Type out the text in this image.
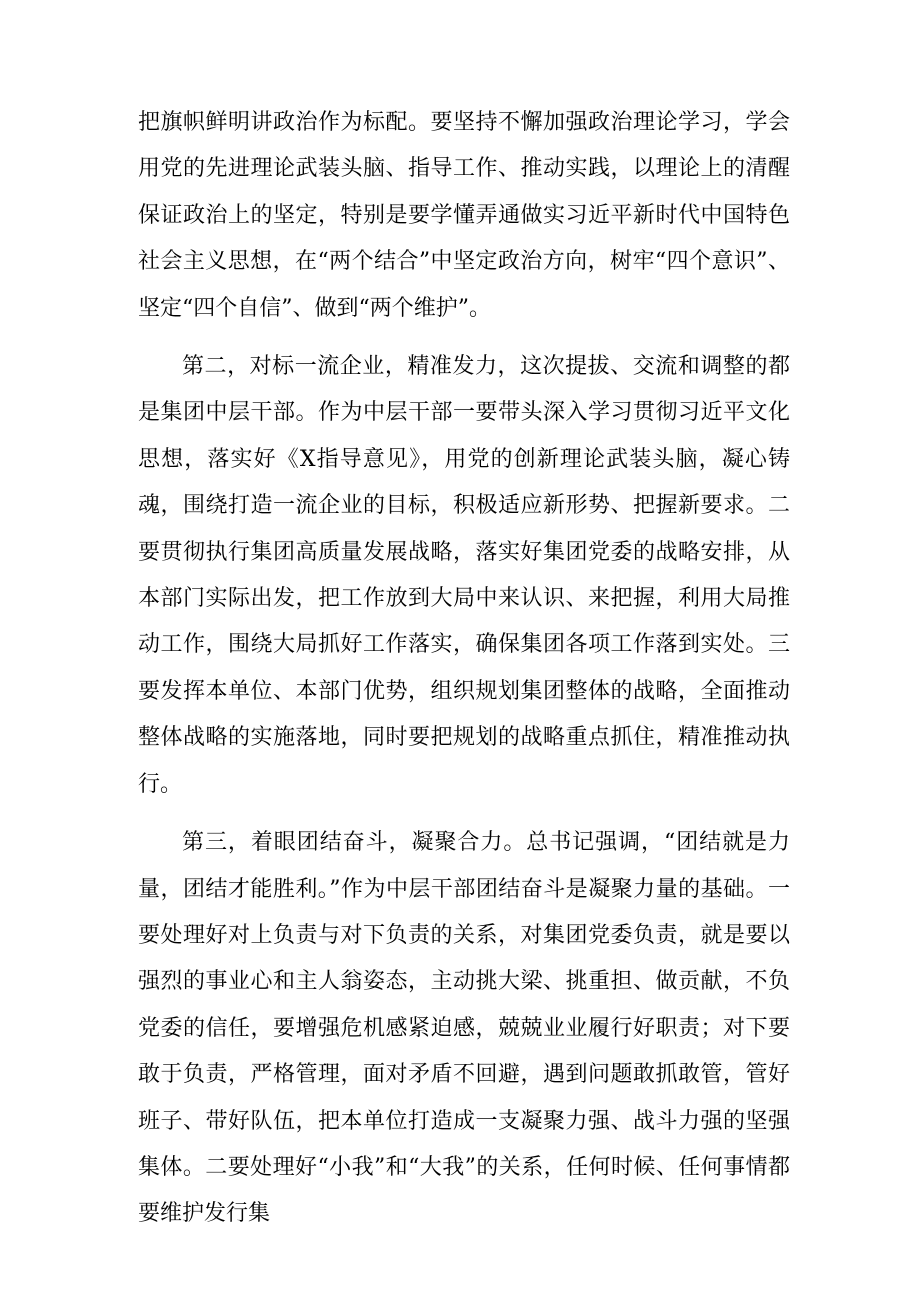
把旗帜鲜明讲政治作为标配。要坚持不懈加强政治理论学习，学会用党的先进理论武装头脑、指导工作、推动实践，以理论上的清醒保证政治上的坚定，特别是要学懂弄通做实习近平新时代中国特色社会主义思想，在“两个结合”中坚定政治方向，树牢“四个意识”、坚定“四个自信”、做到“两个维护”。

第二，对标一流企业，精准发力，这次提拔、交流和调整的都是集团中层干部。作为中层干部一要带头深入学习贯彻习近平文化思想，落实好《X指导意见》，用党的创新理论武装头脑，凝心铸魂，围绕打造一流企业的目标，积极适应新形势、把握新要求。二要贯彻执行集团高质量发展战略，落实好集团党委的战略安排，从本部门实际出发，把工作放到大局中来认识、来把握，利用大局推动工作，围绕大局抓好工作落实，确保集团各项工作落到实处。三要发挥本单位、本部门优势，组织规划集团整体的战略，全面推动整体战略的实施落地，同时要把规划的战略重点抓住，精准推动执行。

第三，着眼团结奋斗，凝聚合力。总书记强调，“团结就是力量，团结才能胜利。”作为中层干部团结奋斗是凝聚力量的基础。一要处理好对上负责与对下负责的关系，对集团党委负责，就是要以强烈的事业心和主人翁姿态，主动挑大梁、挑重担、做贡献，不负党委的信任，要增强危机感紧迫感，兢兢业业履行好职责；对下要敢于负责，严格管理，面对矛盾不回避，遇到问题敢抓敢管，管好班子、带好队伍，把本单位打造成一支凝聚力强、战斗力强的坚强集体。二要处理好“小我”和“大我”的关系，任何时候、任何事情都要维护发行集
